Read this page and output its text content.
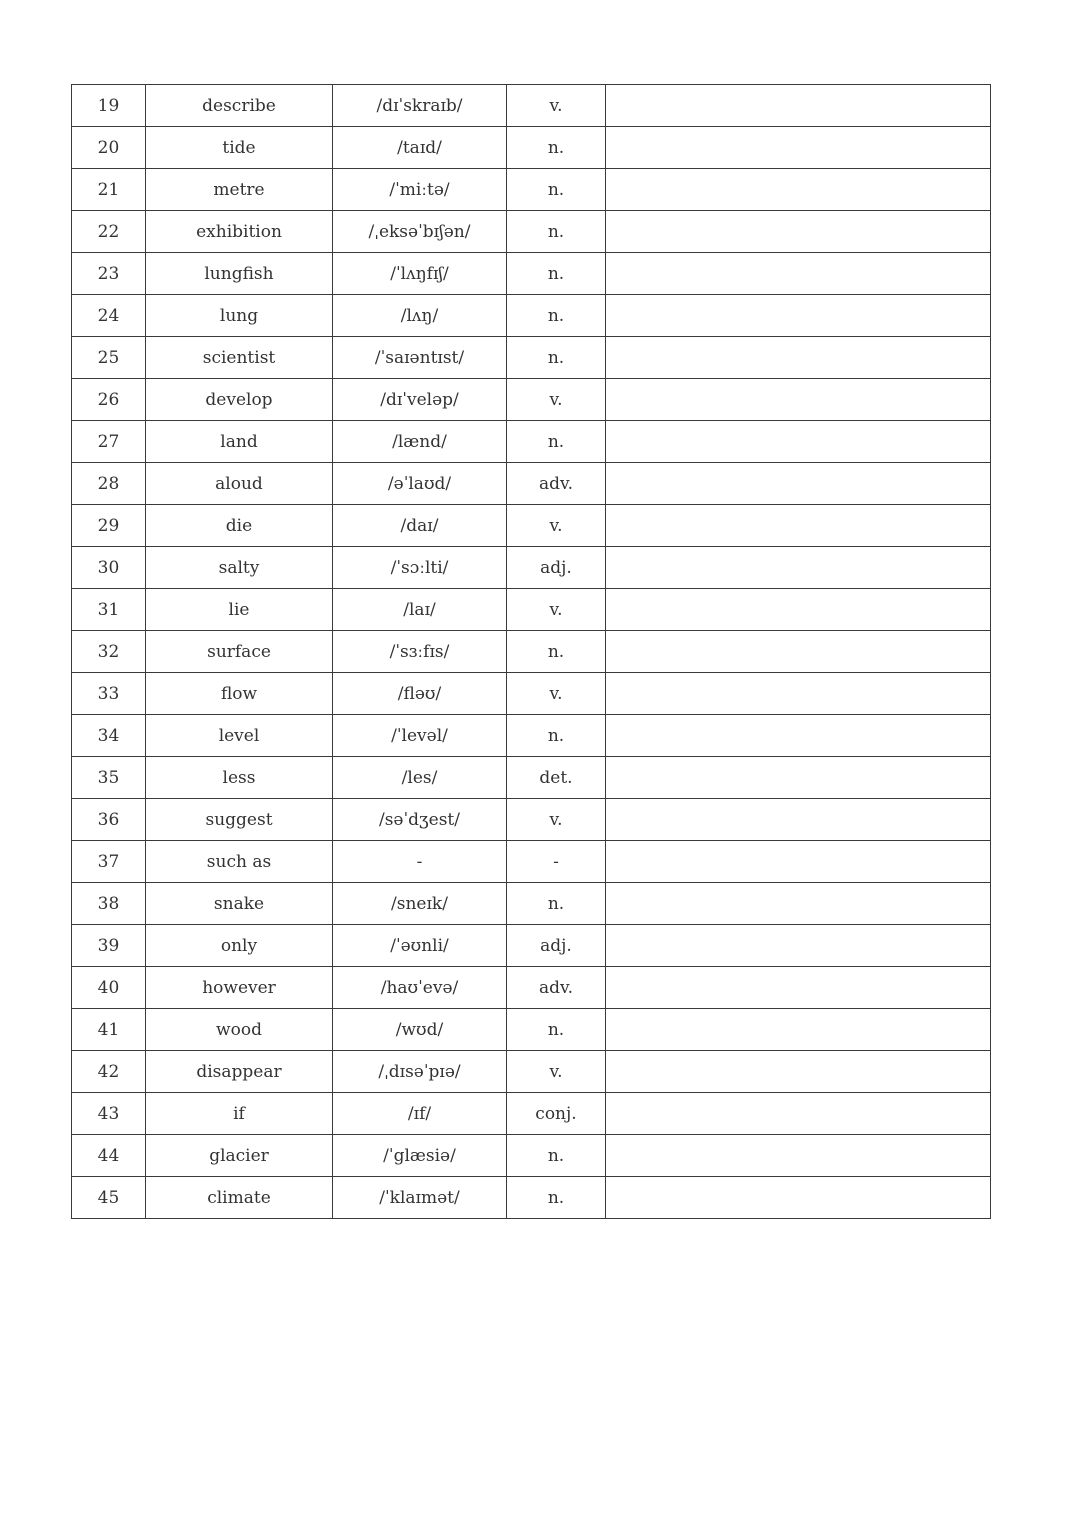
19	describe	/dɪˈskraɪb/	v.	
20	tide	/taɪd/	n.	
21	metre	/ˈmiːtə/	n.	
22	exhibition	/ˌeksəˈbɪʃən/	n.	
23	lungfish	/ˈlʌŋfɪʃ/	n.	
24	lung	/lʌŋ/	n.	
25	scientist	/ˈsaɪəntɪst/	n.	
26	develop	/dɪˈveləp/	v.	
27	land	/lænd/	n.	
28	aloud	/əˈlaʊd/	adv.	
29	die	/daɪ/	v.	
30	salty	/ˈsɔːlti/	adj.	
31	lie	/laɪ/	v.	
32	surface	/ˈsɜːfɪs/	n.	
33	flow	/fləʊ/	v.	
34	level	/ˈlevəl/	n.	
35	less	/les/	det.	
36	suggest	/səˈdʒest/	v.	
37	such as	-	-	
38	snake	/sneɪk/	n.	
39	only	/ˈəʊnli/	adj.	
40	however	/haʊˈevə/	adv.	
41	wood	/wʊd/	n.	
42	disappear	/ˌdɪsəˈpɪə/	v.	
43	if	/ɪf/	conj.	
44	glacier	/ˈglæsiə/	n.	
45	climate	/ˈklaɪmət/	n.	
